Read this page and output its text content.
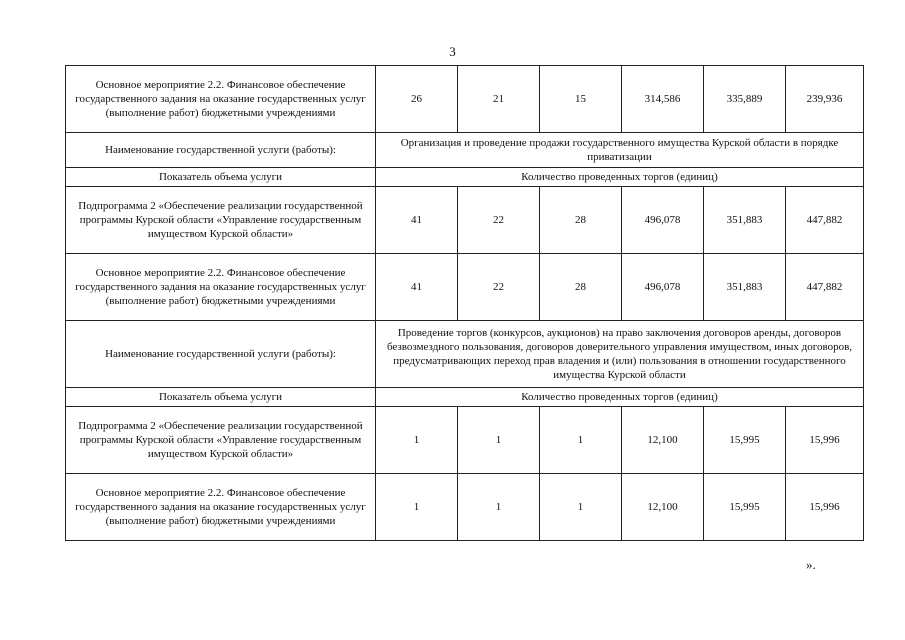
3
Основное мероприятие 2.2. Финансовое обеспечение государственного задания на оказание государственных услуг (выполнение работ) бюджетными учреждениями	26	21	15	314,586	335,889	239,936
Наименование государственной услуги (работы):	Организация и проведение продажи государственного имущества Курской области в порядке приватизации					
Показатель объема услуги	Количество проведенных торгов (единиц)					
Подпрограмма 2 «Обеспечение реализации государственной программы Курской области «Управление государственным имуществом Курской области»	41	22	28	496,078	351,883	447,882
Основное мероприятие 2.2. Финансовое обеспечение государственного задания на оказание государственных услуг (выполнение работ) бюджетными учреждениями	41	22	28	496,078	351,883	447,882
Наименование государственной услуги (работы):	Проведение торгов (конкурсов, аукционов) на право заключения договоров аренды, договоров безвозмездного пользования, договоров доверительного управления имуществом, иных договоров, предусматривающих переход прав владения и (или) пользования в отношении государственного имущества Курской области					
Показатель объема услуги	Количество проведенных торгов (единиц)					
Подпрограмма 2 «Обеспечение реализации государственной программы Курской области «Управление государственным имуществом Курской области»	1	1	1	12,100	15,995	15,996
Основное мероприятие 2.2. Финансовое обеспечение государственного задания на оказание государственных услуг (выполнение работ) бюджетными учреждениями	1	1	1	12,100	15,995	15,996
».
